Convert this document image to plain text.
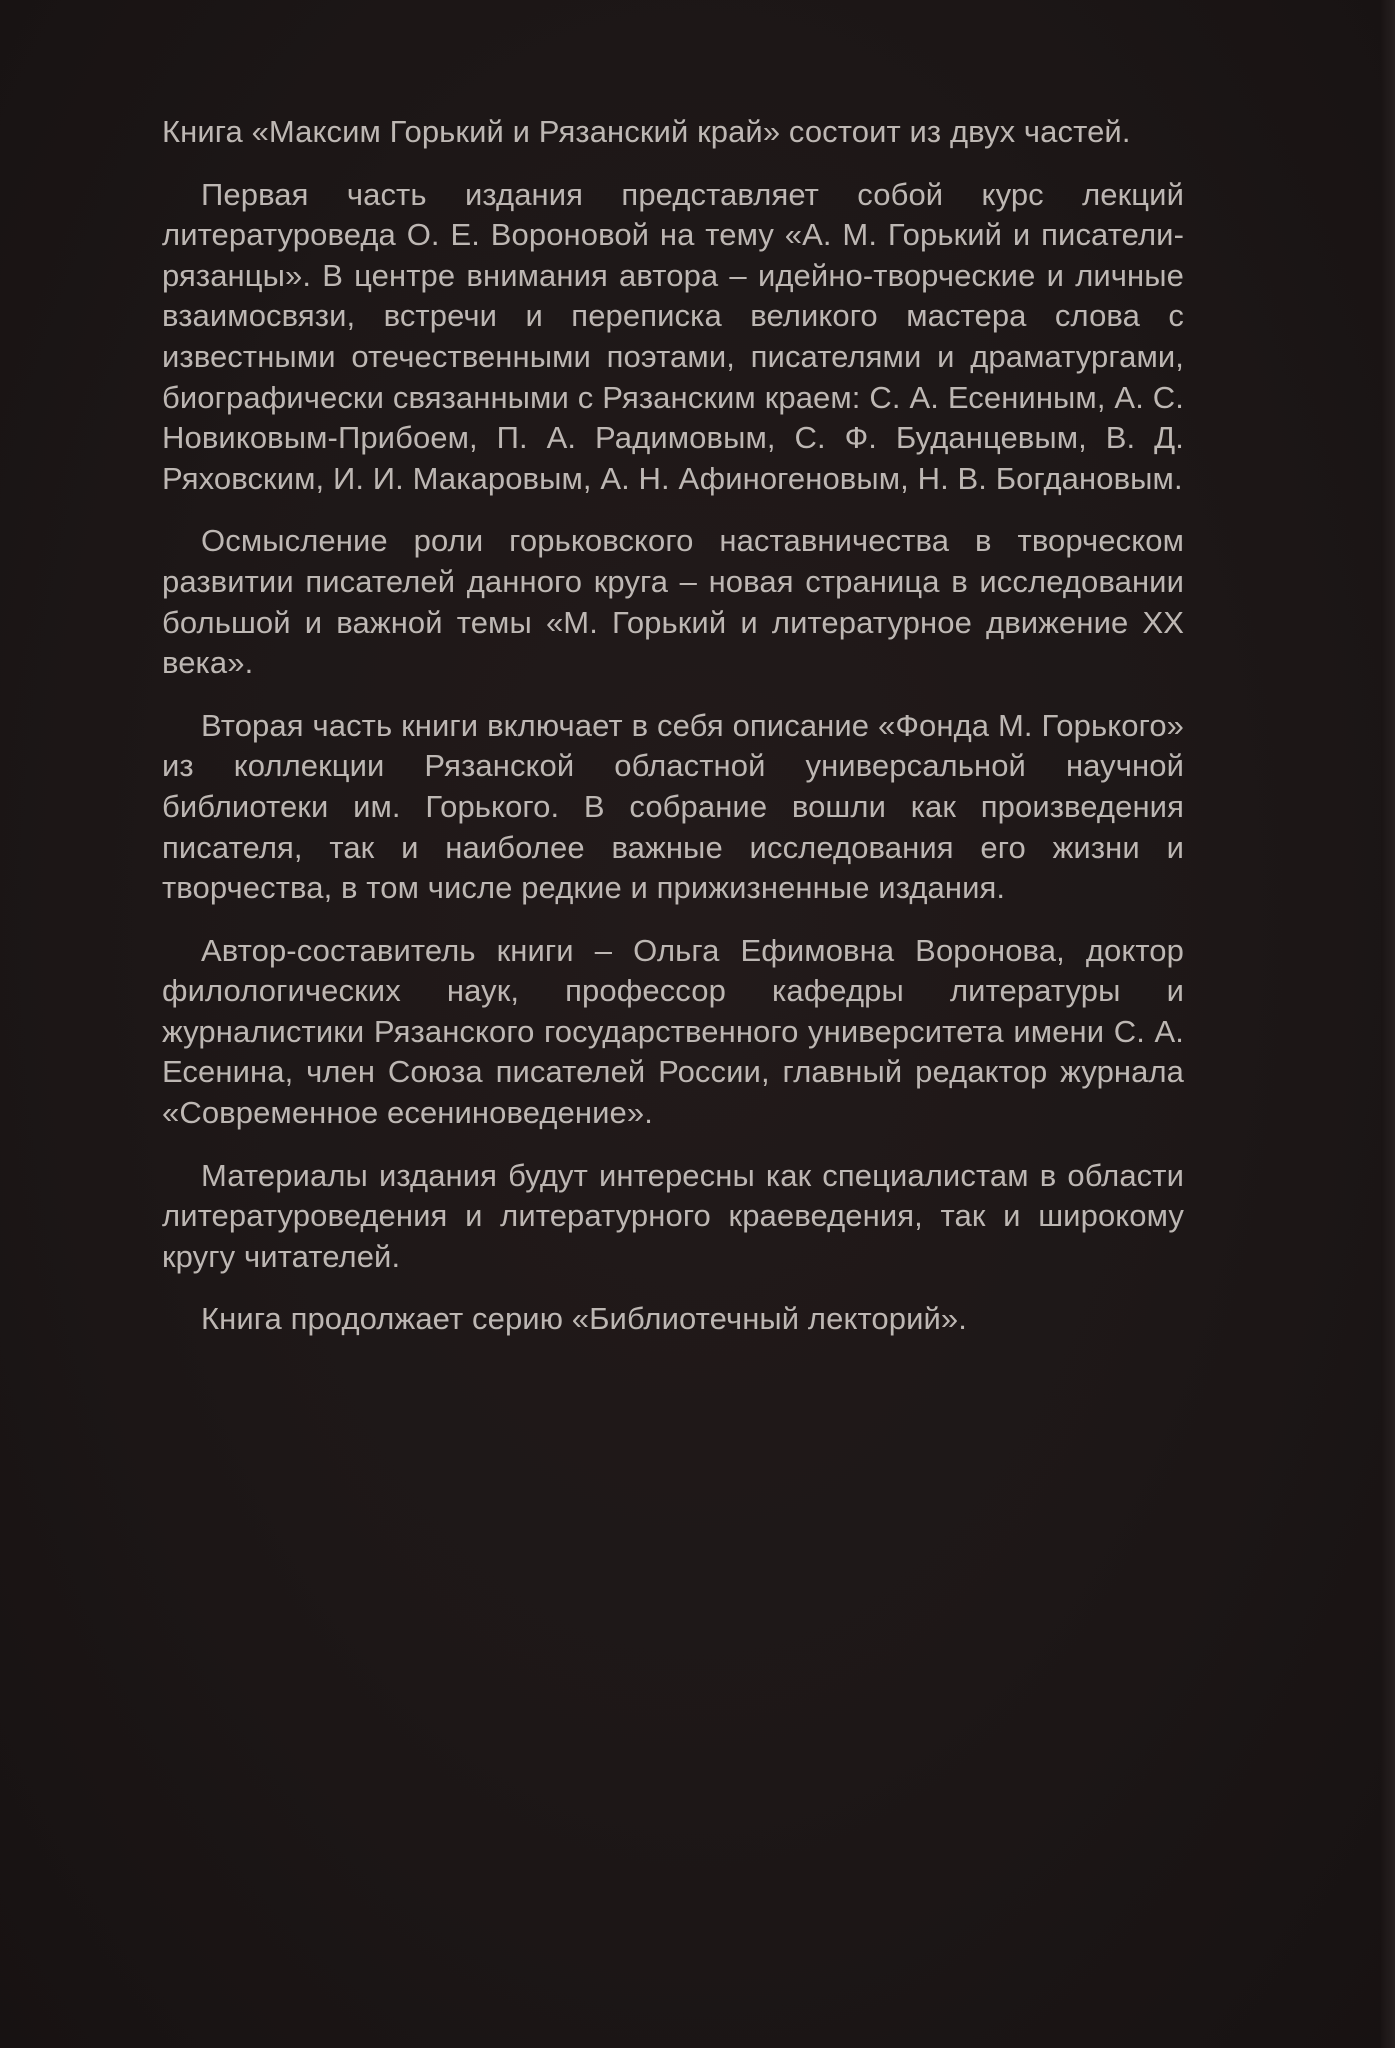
Книга «Максим Горький и Рязанский край» состоит из двух частей.

Первая часть издания представляет собой курс лекций литературоведа О. Е. Вороновой на тему «А. М. Горький и писатели-рязанцы». В центре внимания автора – идейно-творческие и личные взаимосвязи, встречи и переписка великого мастера слова с известными отечественными поэтами, писателями и драматургами, биографически связанными с Рязанским краем: С. А. Есениным, А. С. Новиковым-Прибоем, П. А. Радимовым, С. Ф. Буданцевым, В. Д. Ряховским, И. И. Макаровым, А. Н. Афиногеновым, Н. В. Богдановым.

Осмысление роли горьковского наставничества в творческом развитии писателей данного круга – новая страница в исследовании большой и важной темы «М. Горький и литературное движение XX века».

Вторая часть книги включает в себя описание «Фонда М. Горького» из коллекции Рязанской областной универсальной научной библиотеки им. Горького. В собрание вошли как произведения писателя, так и наиболее важные исследования его жизни и творчества, в том числе редкие и прижизненные издания.

Автор-составитель книги – Ольга Ефимовна Воронова, доктор филологических наук, профессор кафедры литературы и журналистики Рязанского государственного университета имени С. А. Есенина, член Союза писателей России, главный редактор журнала «Современное есениноведение».

Материалы издания будут интересны как специалистам в области литературоведения и литературного краеведения, так и широкому кругу читателей.

Книга продолжает серию «Библиотечный лекторий».
